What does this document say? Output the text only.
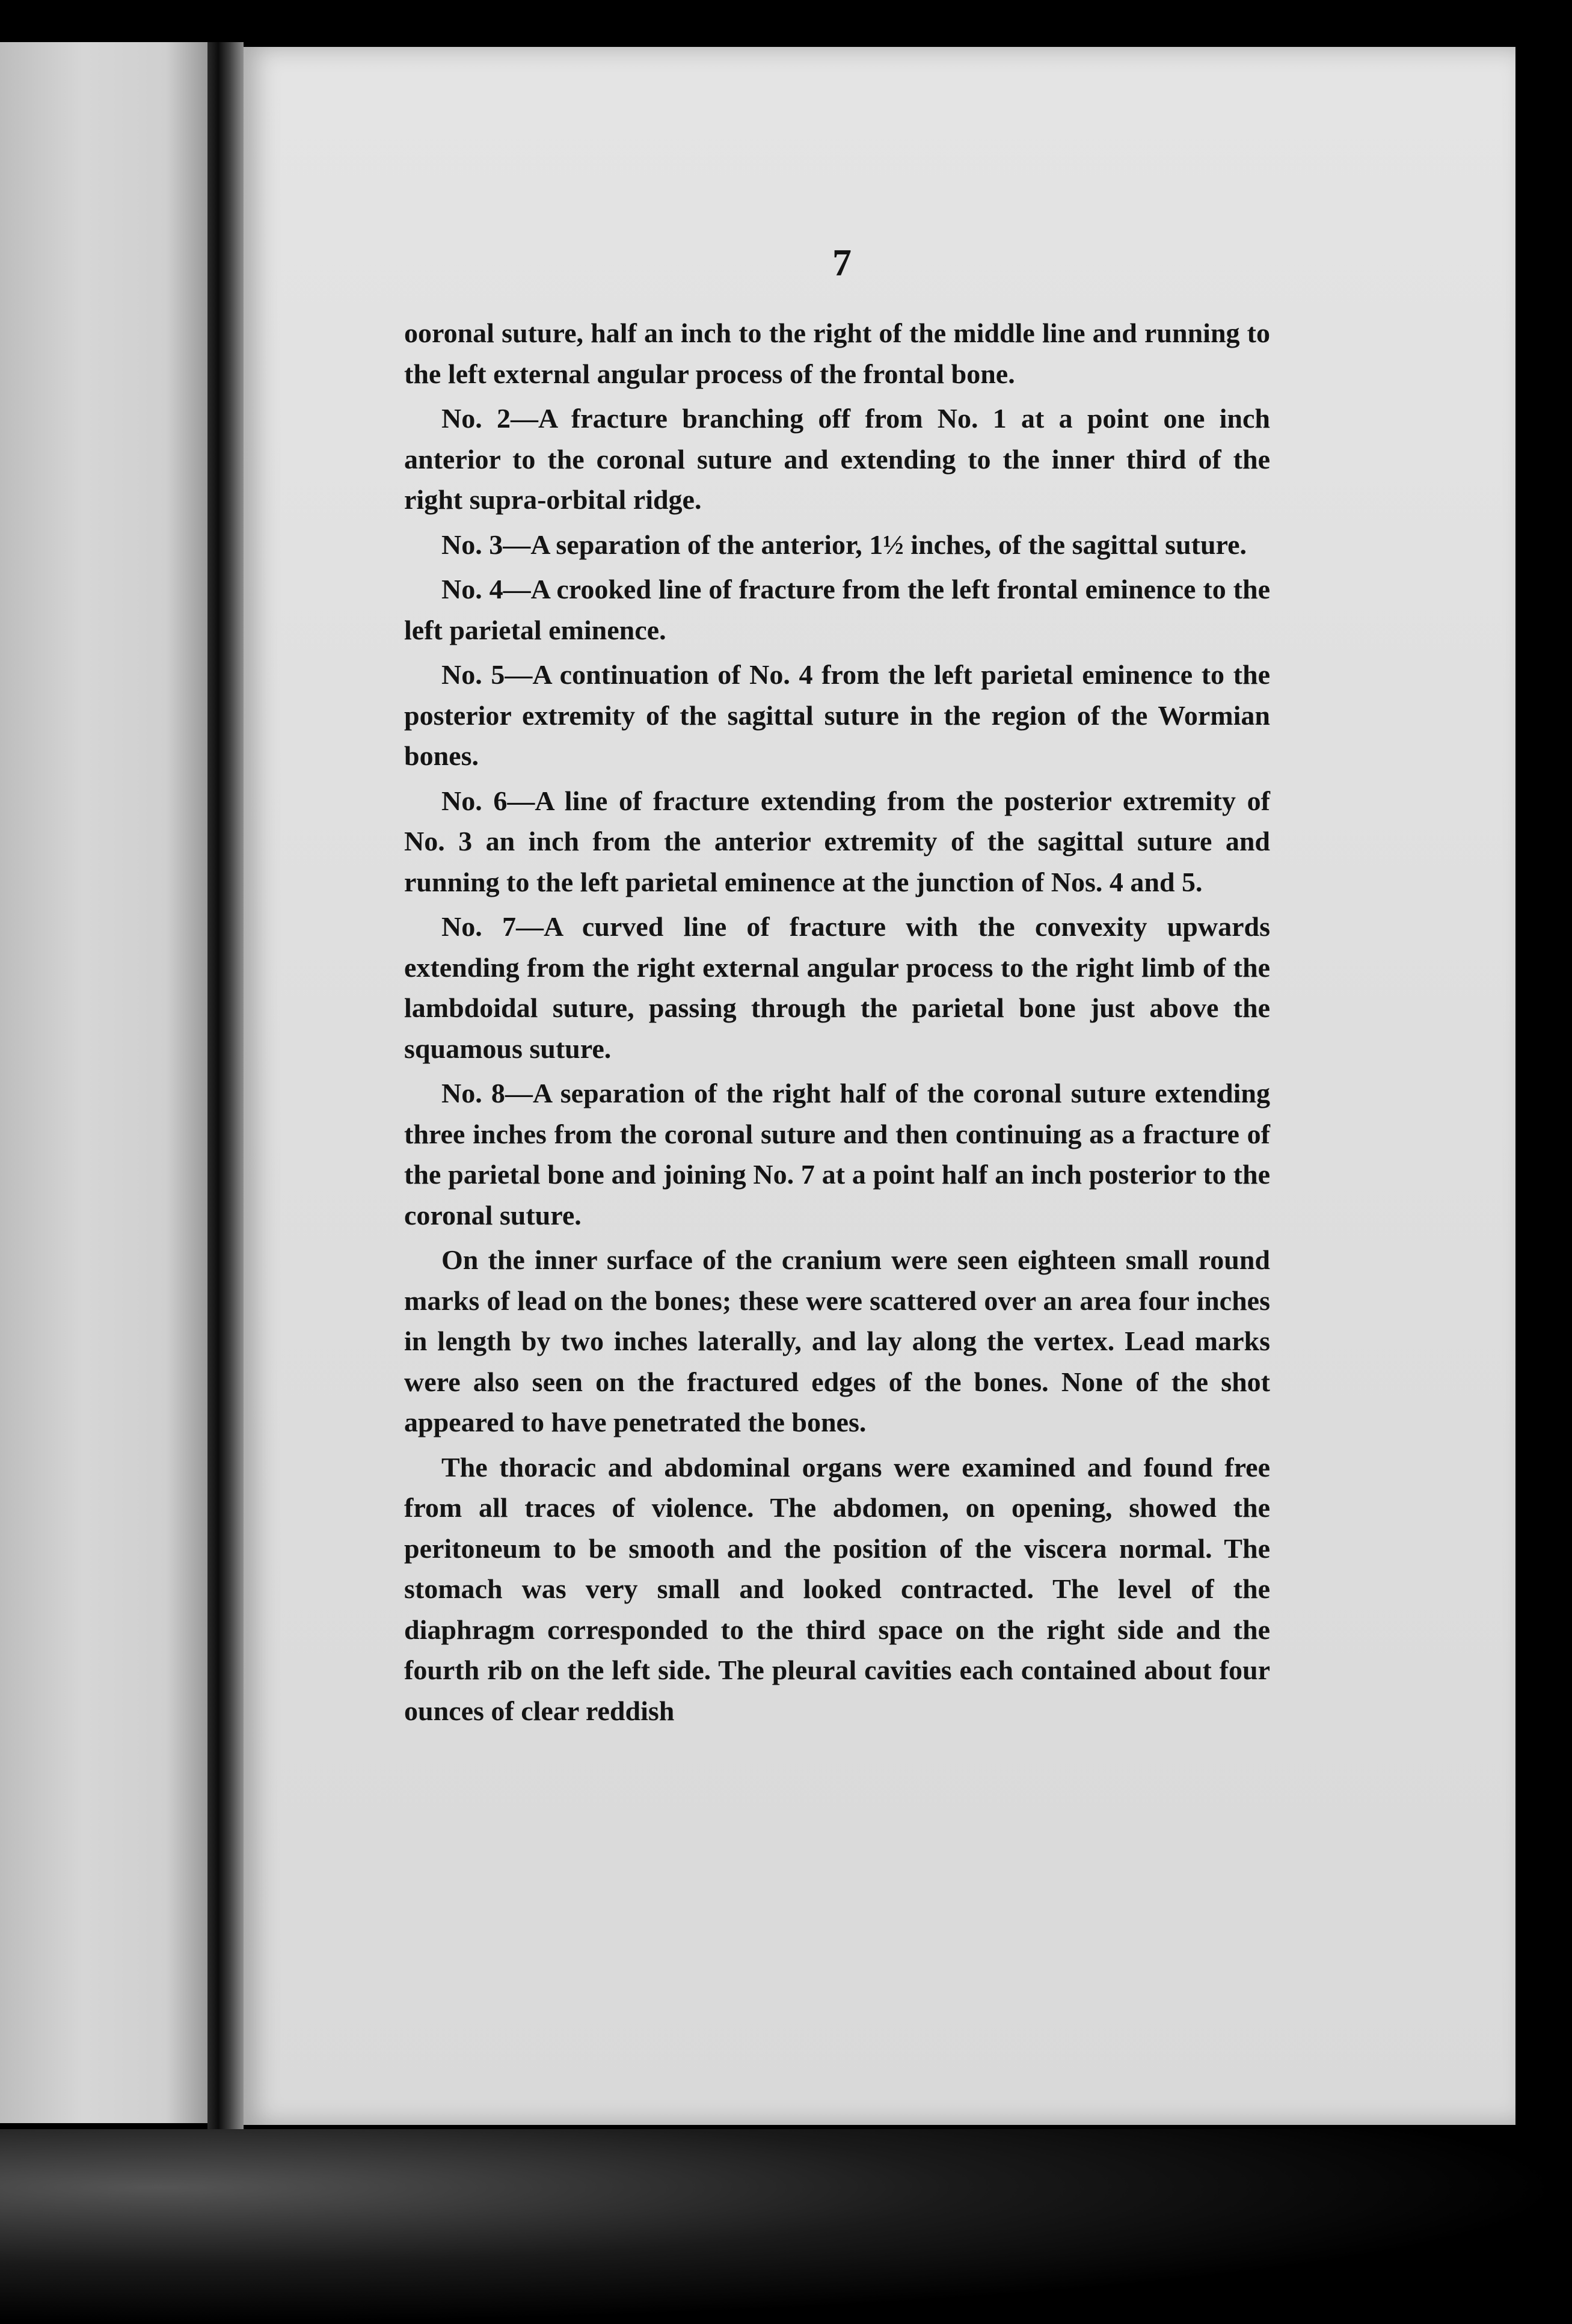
7

ooronal suture, half an inch to the right of the middle line and running to the left external angular process of the frontal bone.

No. 2—A fracture branching off from No. 1 at a point one inch anterior to the coronal suture and extending to the inner third of the right supra-orbital ridge.

No. 3—A separation of the anterior, 1½ inches, of the sagittal suture.

No. 4—A crooked line of fracture from the left frontal eminence to the left parietal eminence.

No. 5—A continuation of No. 4 from the left parietal eminence to the posterior extremity of the sagittal suture in the region of the Wormian bones.

No. 6—A line of fracture extending from the posterior extremity of No. 3 an inch from the anterior extremity of the sagittal suture and running to the left parietal eminence at the junction of Nos. 4 and 5.

No. 7—A curved line of fracture with the convexity upwards extending from the right external angular process to the right limb of the lambdoidal suture, passing through the parietal bone just above the squamous suture.

No. 8—A separation of the right half of the coronal suture extending three inches from the coronal suture and then continuing as a fracture of the parietal bone and joining No. 7 at a point half an inch posterior to the coronal suture.

On the inner surface of the cranium were seen eighteen small round marks of lead on the bones; these were scattered over an area four inches in length by two inches laterally, and lay along the vertex. Lead marks were also seen on the fractured edges of the bones. None of the shot appeared to have penetrated the bones.

The thoracic and abdominal organs were examined and found free from all traces of violence. The abdomen, on opening, showed the peritoneum to be smooth and the position of the viscera normal. The stomach was very small and looked contracted. The level of the diaphragm corresponded to the third space on the right side and the fourth rib on the left side. The pleural cavities each contained about four ounces of clear reddish
